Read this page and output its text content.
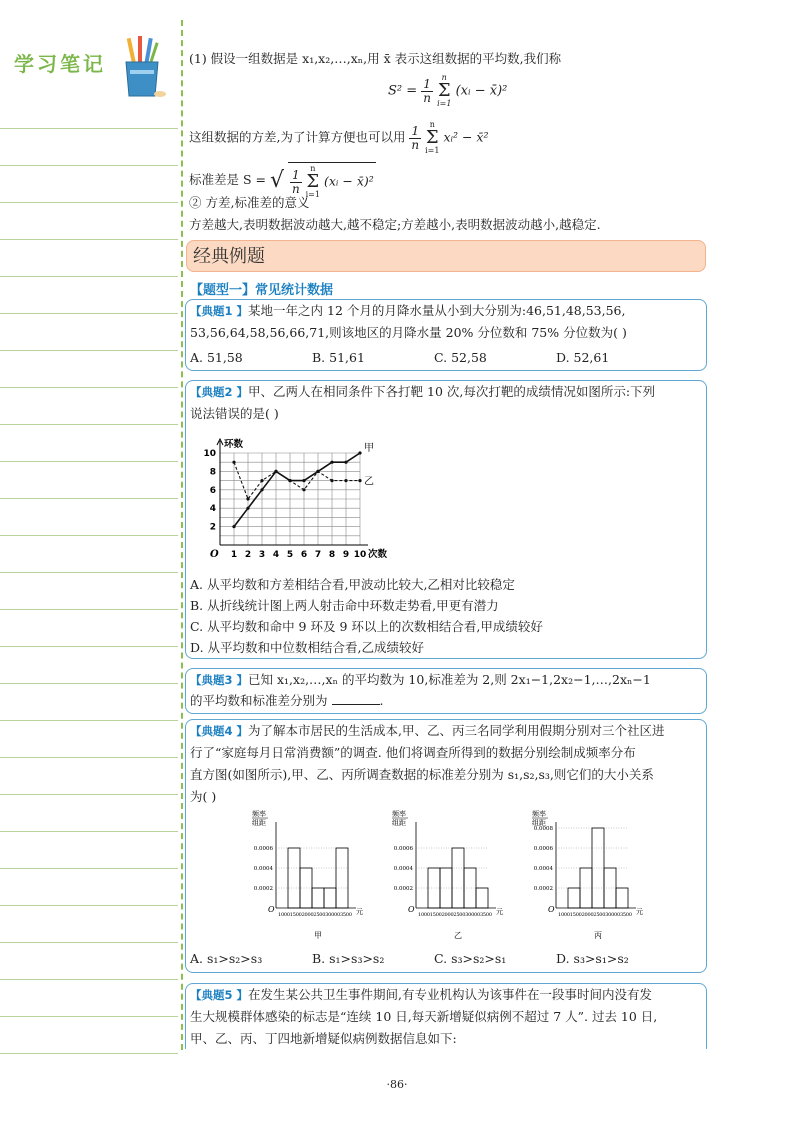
学习笔记	(1) 假设一组数据是 x₁,x₂,…,xₙ,用 x̄ 表示这组数据的平均数,我们称
$S^2 = \frac{1}{n}$ n
Σ
i=1 (xᵢ − x̄)²
这组数据的方差,为了计算方便也可以用 $\frac{1}{n}$ n
Σ
i=1 xᵢ² − x̄²
标准差是 S = √ $\frac{1}{n}$ n
Σ
i=1 (xᵢ − x̄)²
② 方差,标准差的意义
方差越大,表明数据波动越大,越不稳定;方差越小,表明数据波动越小,越稳定.
经典例题
【题型一】常见统计数据
【典题1 】某地一年之内 12 个月的月降水量从小到大分别为:46,51,48,53,56,
53,56,64,58,56,66,71,则该地区的月降水量 20% 分位数和 75% 分位数为( )
A. 51,58	B. 51,61	C. 52,58	D. 52,61
【典题2 】甲、乙两人在相同条件下各打靶 10 次,每次打靶的成绩情况如图所示:下列
说法错误的是( )
1 2 3 4 5 6 7 8 9 10
2
4
6
8
10
O
环数
次数
甲
乙
A. 从平均数和方差相结合看,甲波动比较大,乙相对比较稳定
B. 从折线统计图上两人射击命中环数走势看,甲更有潜力
C. 从平均数和命中 9 环及 9 环以上的次数相结合看,甲成绩较好
D. 从平均数和中位数相结合看,乙成绩较好
【典题3 】已知 x₁,x₂,…,xₙ 的平均数为 10,标准差为 2,则 2x₁−1,2x₂−1,…,2xₙ−1
的平均数和标准差分别为	.
【典题4 】为了解本市居民的生活成本,甲、乙、丙三名同学利用假期分别对三个社区进
行了“家庭每月日常消费额”的调查. 他们将调查所得到的数据分别绘制成频率分布
直方图(如图所示),甲、乙、丙所调查数据的标准差分别为 s₁,s₂,s₃,则它们的大小关系
为( )
频率
组距
0.0006
0.0004
0.0002
O
1000150020002500300003500 元
甲
频率
组距
0.0006
0.0004
0.0002
O
1000150020002500300003500 元
乙
频率
组距
0.0008
0.0006
0.0004
0.0002
O
1000150020002500300003500 元
丙
A. s₁>s₂>s₃	B. s₁>s₃>s₂	C. s₃>s₂>s₁	D. s₃>s₁>s₂
【典题5 】在发生某公共卫生事件期间,有专业机构认为该事件在一段事时间内没有发
生大规模群体感染的标志是“连续 10 日,每天新增疑似病例不超过 7 人”. 过去 10 日,
甲、乙、丙、丁四地新增疑似病例数据信息如下:
·86·
